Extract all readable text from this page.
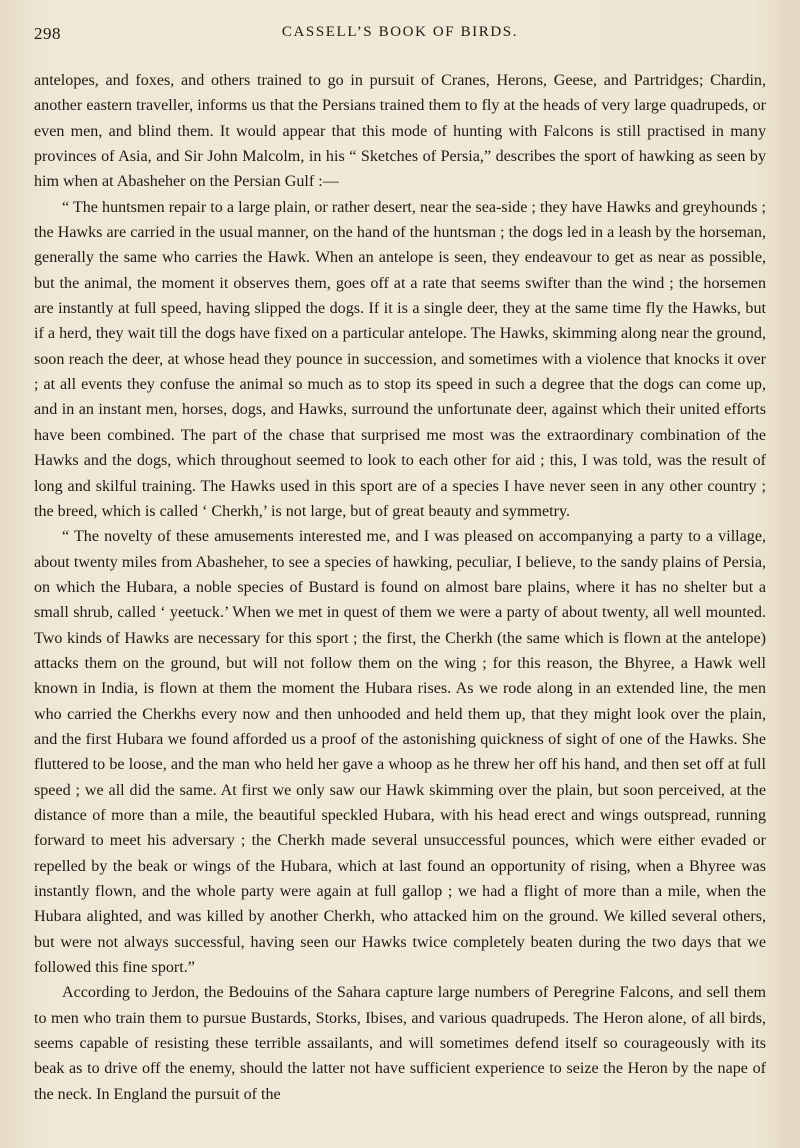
298	CASSELL’S BOOK OF BIRDS.

antelopes, and foxes, and others trained to go in pursuit of Cranes, Herons, Geese, and Partridges; Chardin, another eastern traveller, informs us that the Persians trained them to fly at the heads of very large quadrupeds, or even men, and blind them. It would appear that this mode of hunting with Falcons is still practised in many provinces of Asia, and Sir John Malcolm, in his “ Sketches of Persia,” describes the sport of hawking as seen by him when at Abasheher on the Persian Gulf :—

“ The huntsmen repair to a large plain, or rather desert, near the sea-side ; they have Hawks and greyhounds ; the Hawks are carried in the usual manner, on the hand of the huntsman ; the dogs led in a leash by the horseman, generally the same who carries the Hawk. When an antelope is seen, they endeavour to get as near as possible, but the animal, the moment it observes them, goes off at a rate that seems swifter than the wind ; the horsemen are instantly at full speed, having slipped the dogs. If it is a single deer, they at the same time fly the Hawks, but if a herd, they wait till the dogs have fixed on a particular antelope. The Hawks, skimming along near the ground, soon reach the deer, at whose head they pounce in succession, and sometimes with a violence that knocks it over ; at all events they confuse the animal so much as to stop its speed in such a degree that the dogs can come up, and in an instant men, horses, dogs, and Hawks, surround the unfortunate deer, against which their united efforts have been combined. The part of the chase that surprised me most was the extraordinary combination of the Hawks and the dogs, which throughout seemed to look to each other for aid ; this, I was told, was the result of long and skilful training. The Hawks used in this sport are of a species I have never seen in any other country ; the breed, which is called ‘ Cherkh,’ is not large, but of great beauty and symmetry.

“ The novelty of these amusements interested me, and I was pleased on accompanying a party to a village, about twenty miles from Abasheher, to see a species of hawking, peculiar, I believe, to the sandy plains of Persia, on which the Hubara, a noble species of Bustard is found on almost bare plains, where it has no shelter but a small shrub, called ‘ yeetuck.’ When we met in quest of them we were a party of about twenty, all well mounted. Two kinds of Hawks are necessary for this sport ; the first, the Cherkh (the same which is flown at the antelope) attacks them on the ground, but will not follow them on the wing ; for this reason, the Bhyree, a Hawk well known in India, is flown at them the moment the Hubara rises. As we rode along in an extended line, the men who carried the Cherkhs every now and then unhooded and held them up, that they might look over the plain, and the first Hubara we found afforded us a proof of the astonishing quickness of sight of one of the Hawks. She fluttered to be loose, and the man who held her gave a whoop as he threw her off his hand, and then set off at full speed ; we all did the same. At first we only saw our Hawk skimming over the plain, but soon perceived, at the distance of more than a mile, the beautiful speckled Hubara, with his head erect and wings outspread, running forward to meet his adversary ; the Cherkh made several unsuccessful pounces, which were either evaded or repelled by the beak or wings of the Hubara, which at last found an opportunity of rising, when a Bhyree was instantly flown, and the whole party were again at full gallop ; we had a flight of more than a mile, when the Hubara alighted, and was killed by another Cherkh, who attacked him on the ground. We killed several others, but were not always successful, having seen our Hawks twice completely beaten during the two days that we followed this fine sport.”

According to Jerdon, the Bedouins of the Sahara capture large numbers of Peregrine Falcons, and sell them to men who train them to pursue Bustards, Storks, Ibises, and various quadrupeds. The Heron alone, of all birds, seems capable of resisting these terrible assailants, and will sometimes defend itself so courageously with its beak as to drive off the enemy, should the latter not have sufficient experience to seize the Heron by the nape of the neck. In England the pursuit of the
